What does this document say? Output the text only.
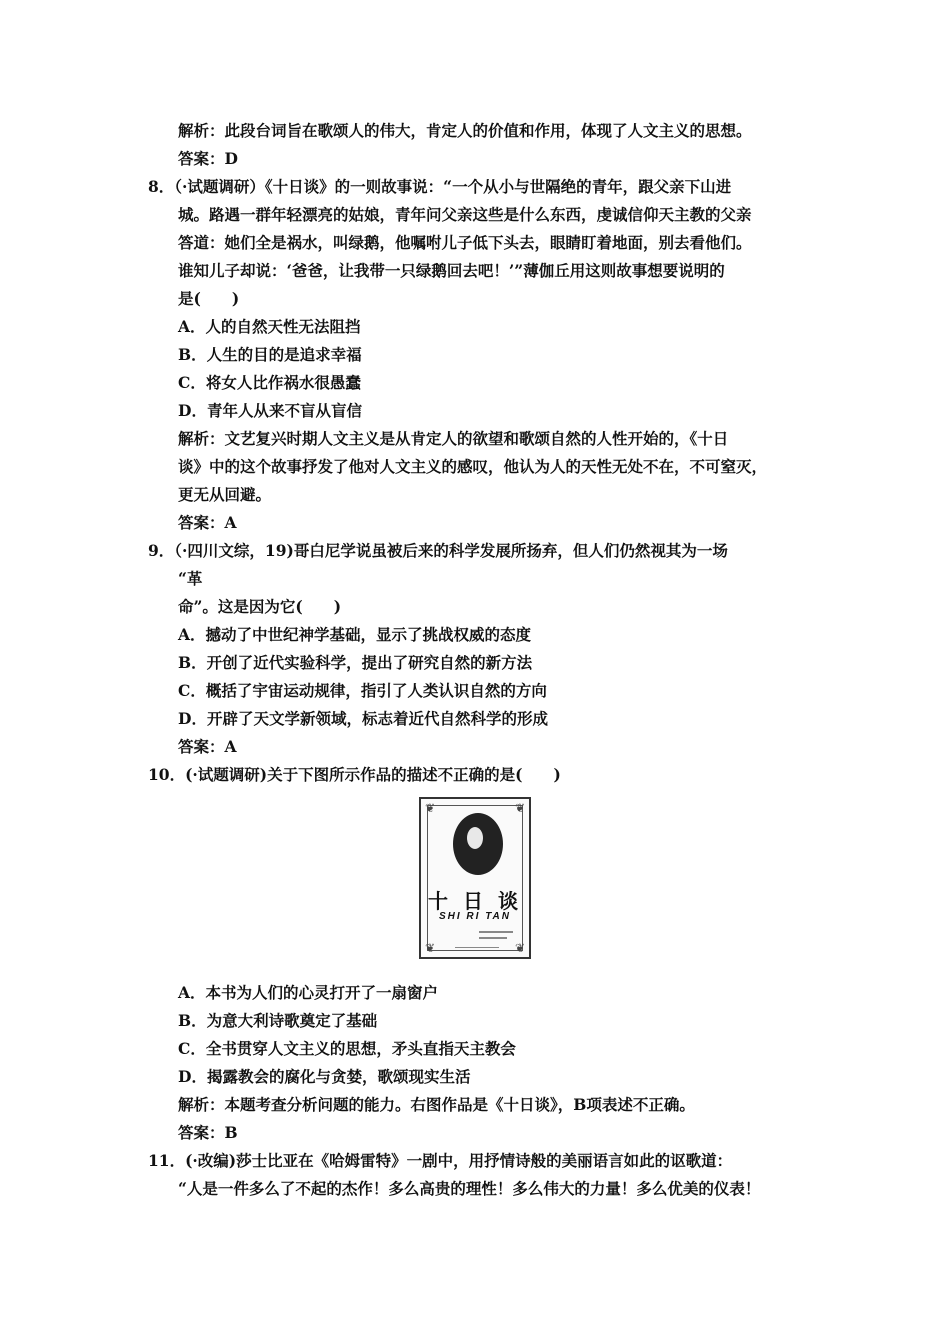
解析：此段台词旨在歌颂人的伟大，肯定人的价值和作用，体现了人文主义的思想。
答案：D
8．（·试题调研）《十日谈》的一则故事说：“一个从小与世隔绝的青年，跟父亲下山进
城。路遇一群年轻漂亮的姑娘，青年问父亲这些是什么东西，虔诚信仰天主教的父亲
答道：她们全是祸水，叫绿鹅，他嘱咐儿子低下头去，眼睛盯着地面，别去看他们。
谁知儿子却说：‘爸爸，让我带一只绿鹅回去吧！’”薄伽丘用这则故事想要说明的
是(　　)
A．人的自然天性无法阻挡
B．人生的目的是追求幸福
C．将女人比作祸水很愚蠢
D．青年人从来不盲从盲信
解析：文艺复兴时期人文主义是从肯定人的欲望和歌颂自然的人性开始的，《十日
谈》中的这个故事抒发了他对人文主义的感叹，他认为人的天性无处不在，不可窒灭，
更无从回避。
答案：A
9．（·四川文综，19)哥白尼学说虽被后来的科学发展所扬弃，但人们仍然视其为一场
“革
命”。这是因为它(　　)
A．撼动了中世纪神学基础，显示了挑战权威的态度
B．开创了近代实验科学，提出了研究自然的新方法
C．概括了宇宙运动规律，指引了人类认识自然的方向
D．开辟了天文学新领域，标志着近代自然科学的形成
答案：A
10．(·试题调研)关于下图所示作品的描述不正确的是(　　)
A．本书为人们的心灵打开了一扇窗户
B．为意大利诗歌奠定了基础
C．全书贯穿人文主义的思想，矛头直指天主教会
D．揭露教会的腐化与贪婪，歌颂现实生活
解析：本题考查分析问题的能力。右图作品是《十日谈》，B项表述不正确。
答案：B
11．(·改编)莎士比亚在《哈姆雷特》一剧中，用抒情诗般的美丽语言如此的讴歌道：
“人是一件多么了不起的杰作！多么高贵的理性！多么伟大的力量！多么优美的仪表！
❦	❦
❦	❦
十 日 谈
SHI RI TAN
